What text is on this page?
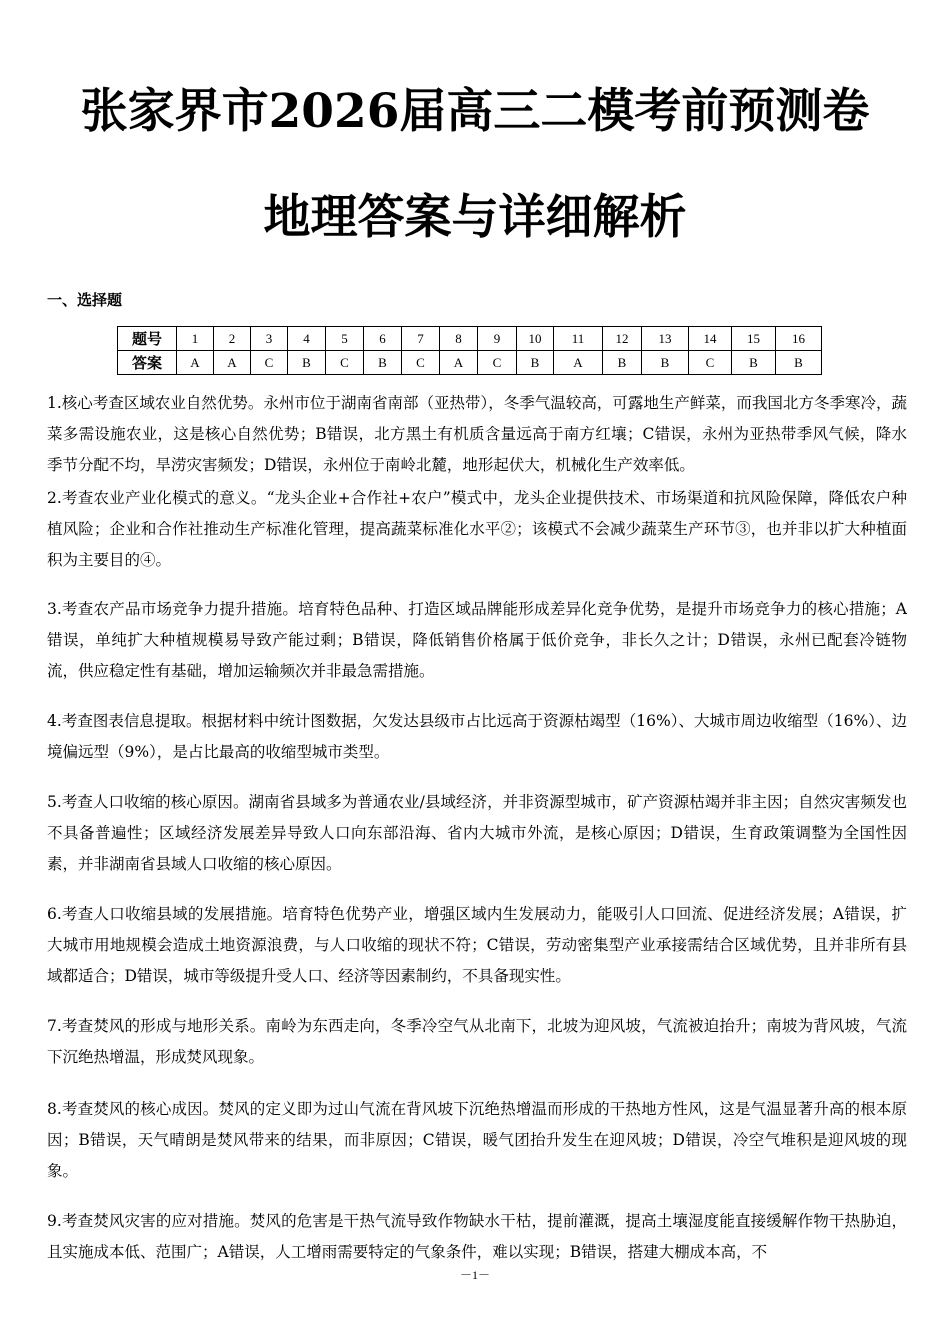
张家界市2026届高三二模考前预测卷
地理答案与详细解析
一、选择题
题号	1	2	3	4	5	6	7	8	9	10	11	12	13	14	15	16
答案	A	A	C	B	C	B	C	A	C	B	A	B	B	C	B	B
1.核心考查区域农业自然优势。永州市位于湖南省南部（亚热带），冬季气温较高，可露地生产鲜菜，而我国北方冬季寒冷，蔬菜多需设施农业，这是核心自然优势；B错误，北方黑土有机质含量远高于南方红壤；C错误，永州为亚热带季风气候，降水季节分配不均，旱涝灾害频发；D错误，永州位于南岭北麓，地形起伏大，机械化生产效率低。
2.考查农业产业化模式的意义。“龙头企业+合作社+农户”模式中，龙头企业提供技术、市场渠道和抗风险保障，降低农户种植风险；企业和合作社推动生产标准化管理，提高蔬菜标准化水平②；该模式不会减少蔬菜生产环节③，也并非以扩大种植面积为主要目的④。
3.考查农产品市场竞争力提升措施。培育特色品种、打造区域品牌能形成差异化竞争优势，是提升市场竞争力的核心措施；A错误，单纯扩大种植规模易导致产能过剩；B错误，降低销售价格属于低价竞争，非长久之计；D错误，永州已配套冷链物流，供应稳定性有基础，增加运输频次并非最急需措施。
4.考查图表信息提取。根据材料中统计图数据，欠发达县级市占比远高于资源枯竭型（16%）、大城市周边收缩型（16%）、边境偏远型（9%），是占比最高的收缩型城市类型。
5.考查人口收缩的核心原因。湖南省县域多为普通农业/县域经济，并非资源型城市，矿产资源枯竭并非主因；自然灾害频发也不具备普遍性；区域经济发展差异导致人口向东部沿海、省内大城市外流，是核心原因；D错误，生育政策调整为全国性因素，并非湖南省县域人口收缩的核心原因。
6.考查人口收缩县域的发展措施。培育特色优势产业，增强区域内生发展动力，能吸引人口回流、促进经济发展；A错误，扩大城市用地规模会造成土地资源浪费，与人口收缩的现状不符；C错误，劳动密集型产业承接需结合区域优势，且并非所有县域都适合；D错误，城市等级提升受人口、经济等因素制约，不具备现实性。
7.考查焚风的形成与地形关系。南岭为东西走向，冬季冷空气从北南下，北坡为迎风坡，气流被迫抬升；南坡为背风坡，气流下沉绝热增温，形成焚风现象。
8.考查焚风的核心成因。焚风的定义即为过山气流在背风坡下沉绝热增温而形成的干热地方性风，这是气温显著升高的根本原因；B错误，天气晴朗是焚风带来的结果，而非原因；C错误，暖气团抬升发生在迎风坡；D错误，冷空气堆积是迎风坡的现象。
9.考查焚风灾害的应对措施。焚风的危害是干热气流导致作物缺水干枯，提前灌溉，提高土壤湿度能直接缓解作物干热胁迫，且实施成本低、范围广；A错误，人工增雨需要特定的气象条件，难以实现；B错误，搭建大棚成本高，不
－1－
